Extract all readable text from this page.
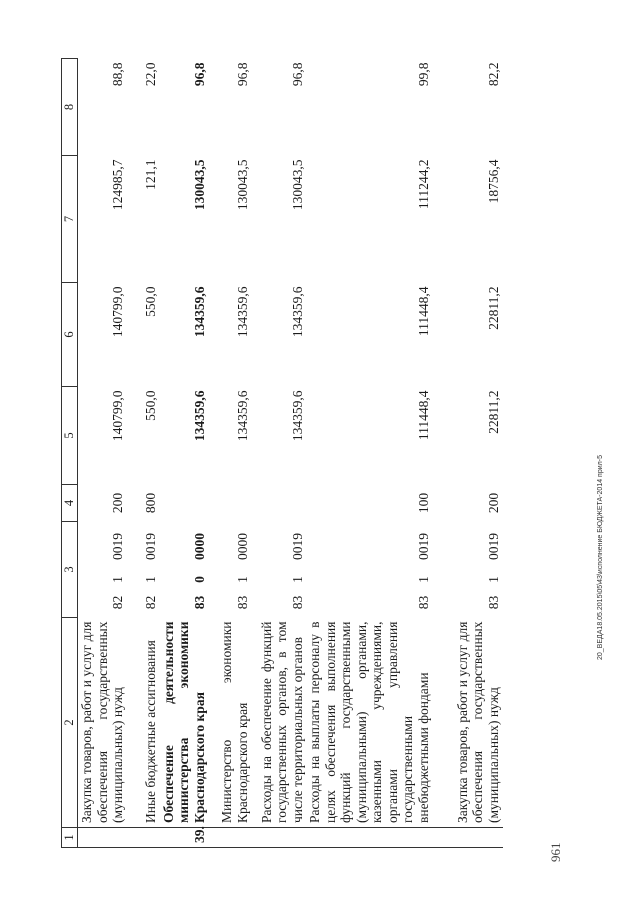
1	2	3			4	5	6	7	8
	Закупка товаров, работ и услуг для обеспечения государственных (муниципальных) нужд	82	1	0019	200	140799,0	140799,0	124985,7	88,8
	Иные бюджетные ассигнования	82	1	0019	800	550,0	550,0	121,1	22,0
39.	Обеспечение деятельности министерства экономики Краснодарского края	83	0	0000		134359,6	134359,6	130043,5	96,8
	Министерство экономики Краснодарского края	83	1	0000		134359,6	134359,6	130043,5	96,8
	Расходы на обеспечение функций государственных органов, в том числе территориальных органов	83	1	0019		134359,6	134359,6	130043,5	96,8
	Расходы на выплаты персоналу в целях обеспечения выполнения функций государственными (муниципальными) органами, казенными учреждениями, органами управления государственными внебюджетными фондами	83	1	0019	100	111448,4	111448,4	111244,2	99,8
	Закупка товаров, работ и услуг для обеспечения государственных (муниципальных) нужд	83	1	0019	200	22811,2	22811,2	18756,4	82,2
961
20_ВЕДА18.05.2015\05\43\исполнение БЮДЖЕТА-2014 прил-5
